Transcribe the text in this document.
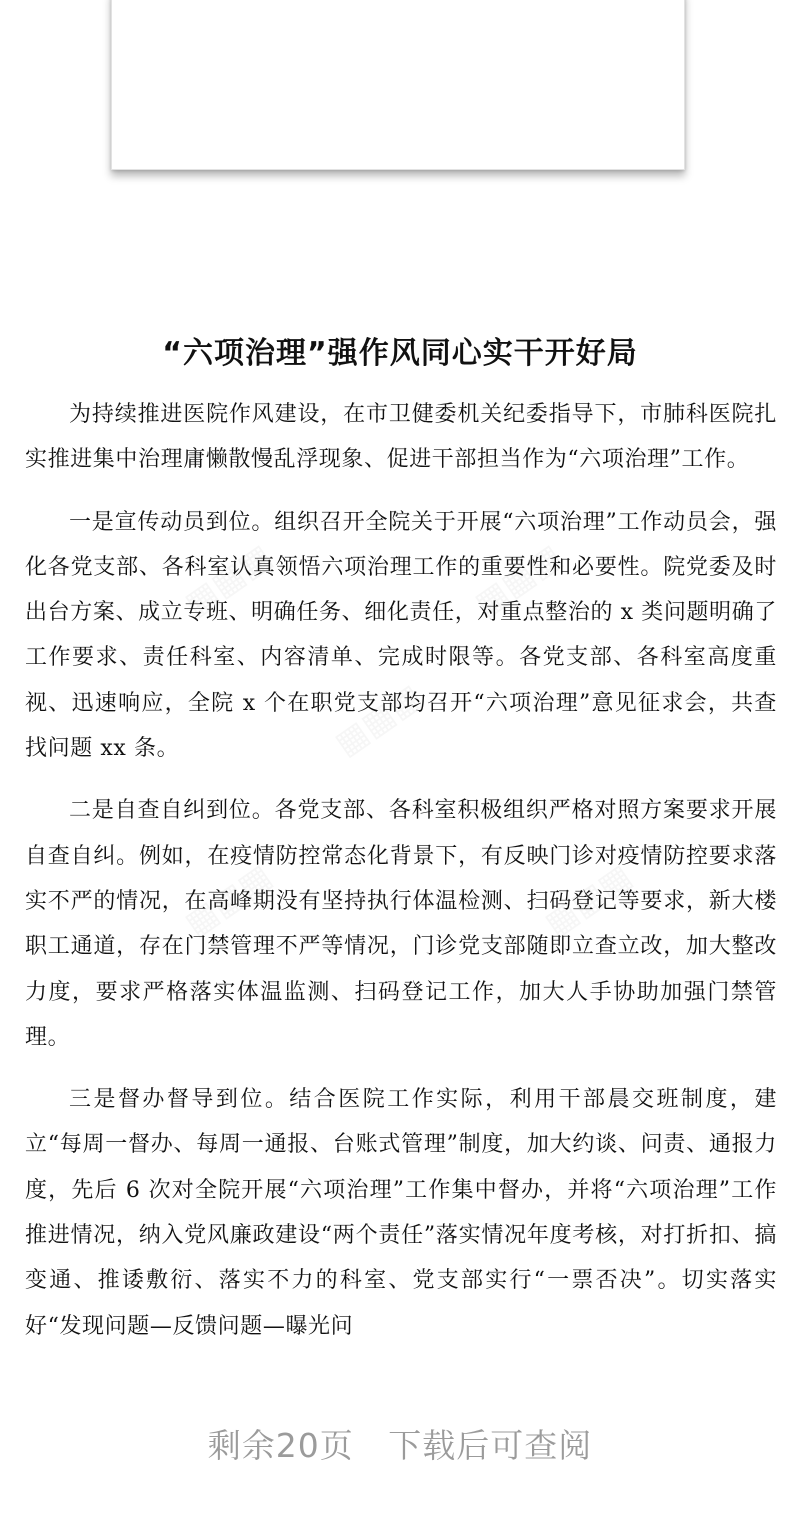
“六项治理”强作风同心实干开好局

为持续推进医院作风建设，在市卫健委机关纪委指导下，市肺科医院扎实推进集中治理庸懒散慢乱浮现象、促进干部担当作为“六项治理”工作。

一是宣传动员到位。组织召开全院关于开展“六项治理”工作动员会，强化各党支部、各科室认真领悟六项治理工作的重要性和必要性。院党委及时出台方案、成立专班、明确任务、细化责任，对重点整治的 x 类问题明确了工作要求、责任科室、内容清单、完成时限等。各党支部、各科室高度重视、迅速响应，全院 x 个在职党支部均召开“六项治理”意见征求会，共查找问题 xx 条。

二是自查自纠到位。各党支部、各科室积极组织严格对照方案要求开展自查自纠。例如，在疫情防控常态化背景下，有反映门诊对疫情防控要求落实不严的情况，在高峰期没有坚持执行体温检测、扫码登记等要求，新大楼职工通道，存在门禁管理不严等情况，门诊党支部随即立查立改，加大整改力度，要求严格落实体温监测、扫码登记工作，加大人手协助加强门禁管理。

三是督办督导到位。结合医院工作实际，利用干部晨交班制度，建立“每周一督办、每周一通报、台账式管理”制度，加大约谈、问责、通报力度，先后 6 次对全院开展“六项治理”工作集中督办，并将“六项治理”工作推进情况，纳入党风廉政建设“两个责任”落实情况年度考核，对打折扣、搞变通、推诿敷衍、落实不力的科室、党支部实行“一票否决”。切实落实好“发现问题—反馈问题—曝光问

剩余20页   下载后可查阅
